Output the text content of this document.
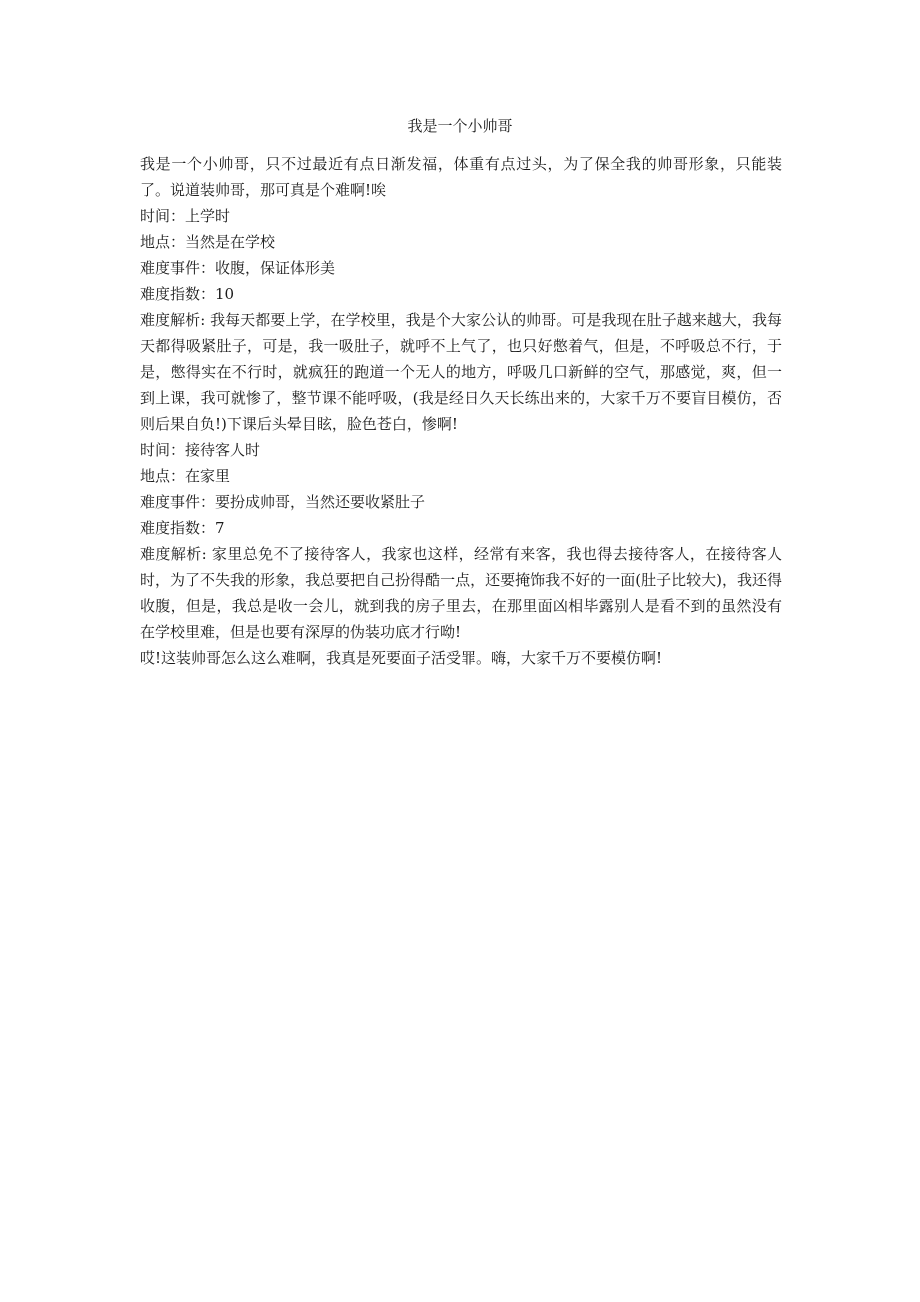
我是一个小帅哥

我是一个小帅哥，只不过最近有点日渐发福，体重有点过头，为了保全我的帅哥形象，只能装了。说道装帅哥，那可真是个难啊!唉

时间：上学时

地点：当然是在学校

难度事件：收腹，保证体形美

难度指数：10

难度解析: 我每天都要上学，在学校里，我是个大家公认的帅哥。可是我现在肚子越来越大，我每天都得吸紧肚子，可是，我一吸肚子，就呼不上气了，也只好憋着气，但是，不呼吸总不行，于是，憋得实在不行时，就疯狂的跑道一个无人的地方，呼吸几口新鲜的空气，那感觉，爽，但一到上课，我可就惨了，整节课不能呼吸，(我是经日久天长练出来的，大家千万不要盲目模仿，否则后果自负!)下课后头晕目眩，脸色苍白，惨啊!

时间：接待客人时

地点：在家里

难度事件：要扮成帅哥，当然还要收紧肚子

难度指数：7

难度解析: 家里总免不了接待客人，我家也这样，经常有来客，我也得去接待客人，在接待客人时，为了不失我的形象，我总要把自己扮得酷一点，还要掩饰我不好的一面(肚子比较大)，我还得收腹，但是，我总是收一会儿，就到我的房子里去，在那里面凶相毕露别人是看不到的虽然没有在学校里难，但是也要有深厚的伪装功底才行呦!

哎!这装帅哥怎么这么难啊，我真是死要面子活受罪。嗨，大家千万不要模仿啊!
